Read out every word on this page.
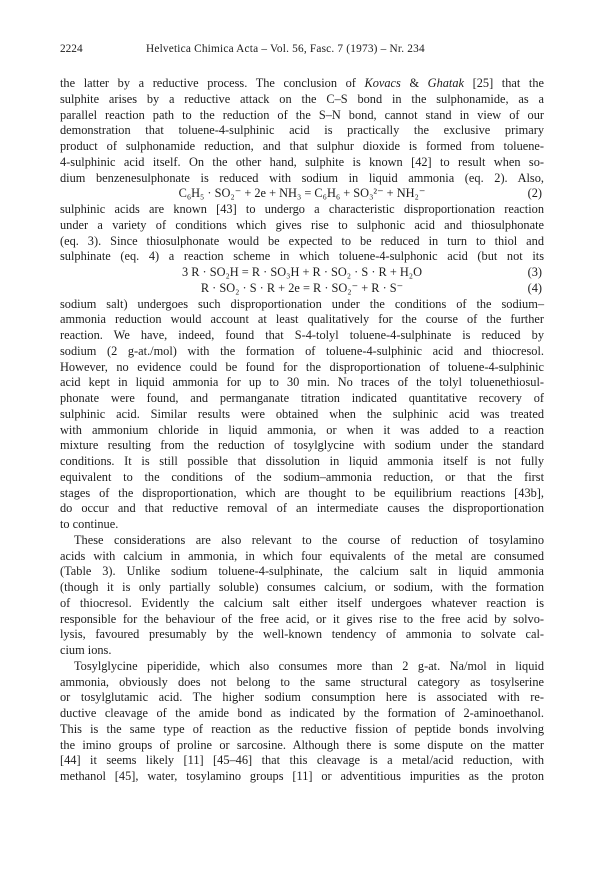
2224	Helvetica Chimica Acta – Vol. 56, Fasc. 7 (1973) – Nr. 234
the latter by a reductive process. The conclusion of Kovacs & Ghatak [25] that the
sulphite arises by a reductive attack on the C–S bond in the sulphonamide, as a
parallel reaction path to the reduction of the S–N bond, cannot stand in view of our
demonstration that toluene-4-sulphinic acid is practically the exclusive primary
product of sulphonamide reduction, and that sulphur dioxide is formed from toluene-
4-sulphinic acid itself. On the other hand, sulphite is known [42] to result when so-
dium benzenesulphonate is reduced with sodium in liquid ammonia (eq. 2). Also,
C₆H₅ · SO₂⁻ + 2e + NH₃ = C₆H₆ + SO₃²⁻ + NH₂⁻	(2)
sulphinic acids are known [43] to undergo a characteristic disproportionation reaction
under a variety of conditions which gives rise to sulphonic acid and thiosulphonate
(eq. 3). Since thiosulphonate would be expected to be reduced in turn to thiol and
sulphinate (eq. 4) a reaction scheme in which toluene-4-sulphonic acid (but not its
3 R · SO₂H = R · SO₃H + R · SO₂ · S · R + H₂O	(3)
R · SO₂ · S · R + 2e = R · SO₂⁻ + R · S⁻	(4)
sodium salt) undergoes such disproportionation under the conditions of the sodium–
ammonia reduction would account at least qualitatively for the course of the further
reaction. We have, indeed, found that S-4-tolyl toluene-4-sulphinate is reduced by
sodium (2 g-at./mol) with the formation of toluene-4-sulphinic acid and thiocresol.
However, no evidence could be found for the disproportionation of toluene-4-sulphinic
acid kept in liquid ammonia for up to 30 min. No traces of the tolyl toluenethiosul-
phonate were found, and permanganate titration indicated quantitative recovery of
sulphinic acid. Similar results were obtained when the sulphinic acid was treated
with ammonium chloride in liquid ammonia, or when it was added to a reaction
mixture resulting from the reduction of tosylglycine with sodium under the standard
conditions. It is still possible that dissolution in liquid ammonia itself is not fully
equivalent to the conditions of the sodium–ammonia reduction, or that the first
stages of the disproportionation, which are thought to be equilibrium reactions [43b],
do occur and that reductive removal of an intermediate causes the disproportionation
to continue.
These considerations are also relevant to the course of reduction of tosylamino
acids with calcium in ammonia, in which four equivalents of the metal are consumed
(Table 3). Unlike sodium toluene-4-sulphinate, the calcium salt in liquid ammonia
(though it is only partially soluble) consumes calcium, or sodium, with the formation
of thiocresol. Evidently the calcium salt either itself undergoes whatever reaction is
responsible for the behaviour of the free acid, or it gives rise to the free acid by solvo-
lysis, favoured presumably by the well-known tendency of ammonia to solvate cal-
cium ions.
Tosylglycine piperidide, which also consumes more than 2 g-at. Na/mol in liquid
ammonia, obviously does not belong to the same structural category as tosylserine
or tosylglutamic acid. The higher sodium consumption here is associated with re-
ductive cleavage of the amide bond as indicated by the formation of 2-aminoethanol.
This is the same type of reaction as the reductive fission of peptide bonds involving
the imino groups of proline or sarcosine. Although there is some dispute on the matter
[44] it seems likely [11] [45–46] that this cleavage is a metal/acid reduction, with
methanol [45], water, tosylamino groups [11] or adventitious impurities as the proton
